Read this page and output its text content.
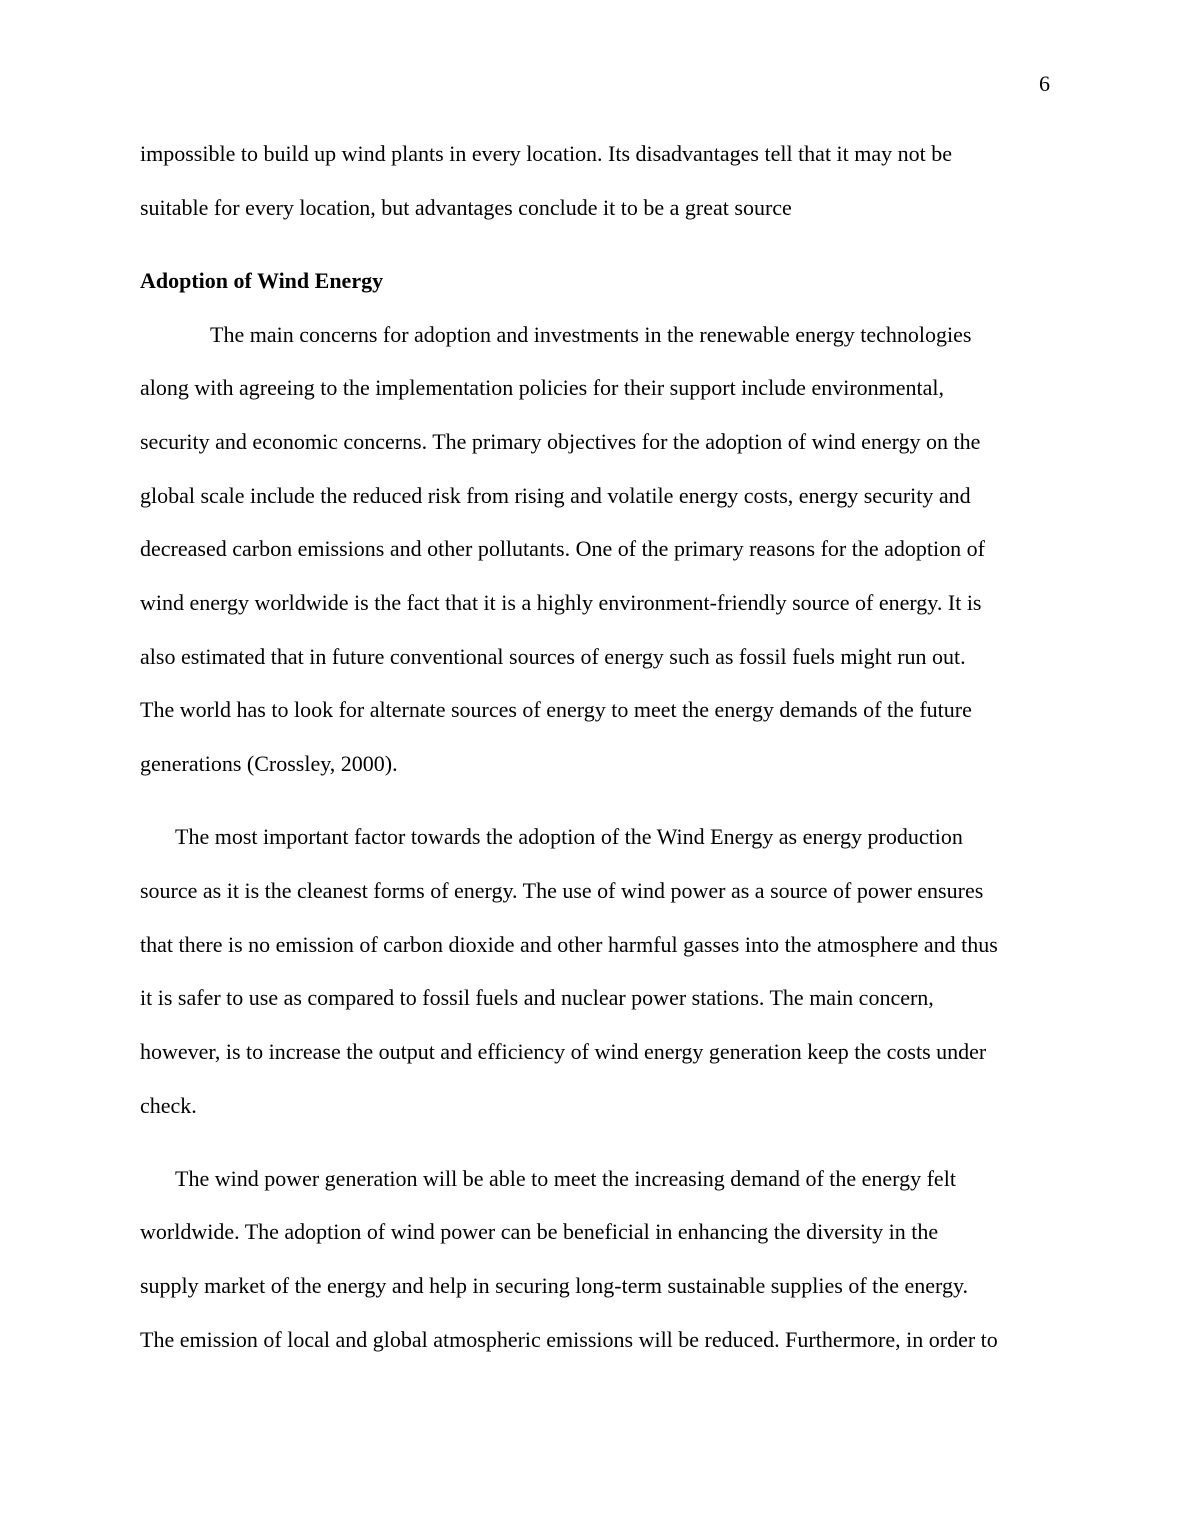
6
impossible to build up wind plants in every location. Its disadvantages tell that it may not be
suitable for every location, but advantages conclude it to be a great source
Adoption of Wind Energy
The main concerns for adoption and investments in the renewable energy technologies
along with agreeing to the implementation policies for their support include environmental,
security and economic concerns. The primary objectives for the adoption of wind energy on the
global scale include the reduced risk from rising and volatile energy costs, energy security and
decreased carbon emissions and other pollutants. One of the primary reasons for the adoption of
wind energy worldwide is the fact that it is a highly environment-friendly source of energy. It is
also estimated that in future conventional sources of energy such as fossil fuels might run out.
The world has to look for alternate sources of energy to meet the energy demands of the future
generations (Crossley, 2000).
The most important factor towards the adoption of the Wind Energy as energy production
source as it is the cleanest forms of energy. The use of wind power as a source of power ensures
that there is no emission of carbon dioxide and other harmful gasses into the atmosphere and thus
it is safer to use as compared to fossil fuels and nuclear power stations. The main concern,
however, is to increase the output and efficiency of wind energy generation keep the costs under
check.
The wind power generation will be able to meet the increasing demand of the energy felt
worldwide. The adoption of wind power can be beneficial in enhancing the diversity in the
supply market of the energy and help in securing long-term sustainable supplies of the energy.
The emission of local and global atmospheric emissions will be reduced. Furthermore, in order to
